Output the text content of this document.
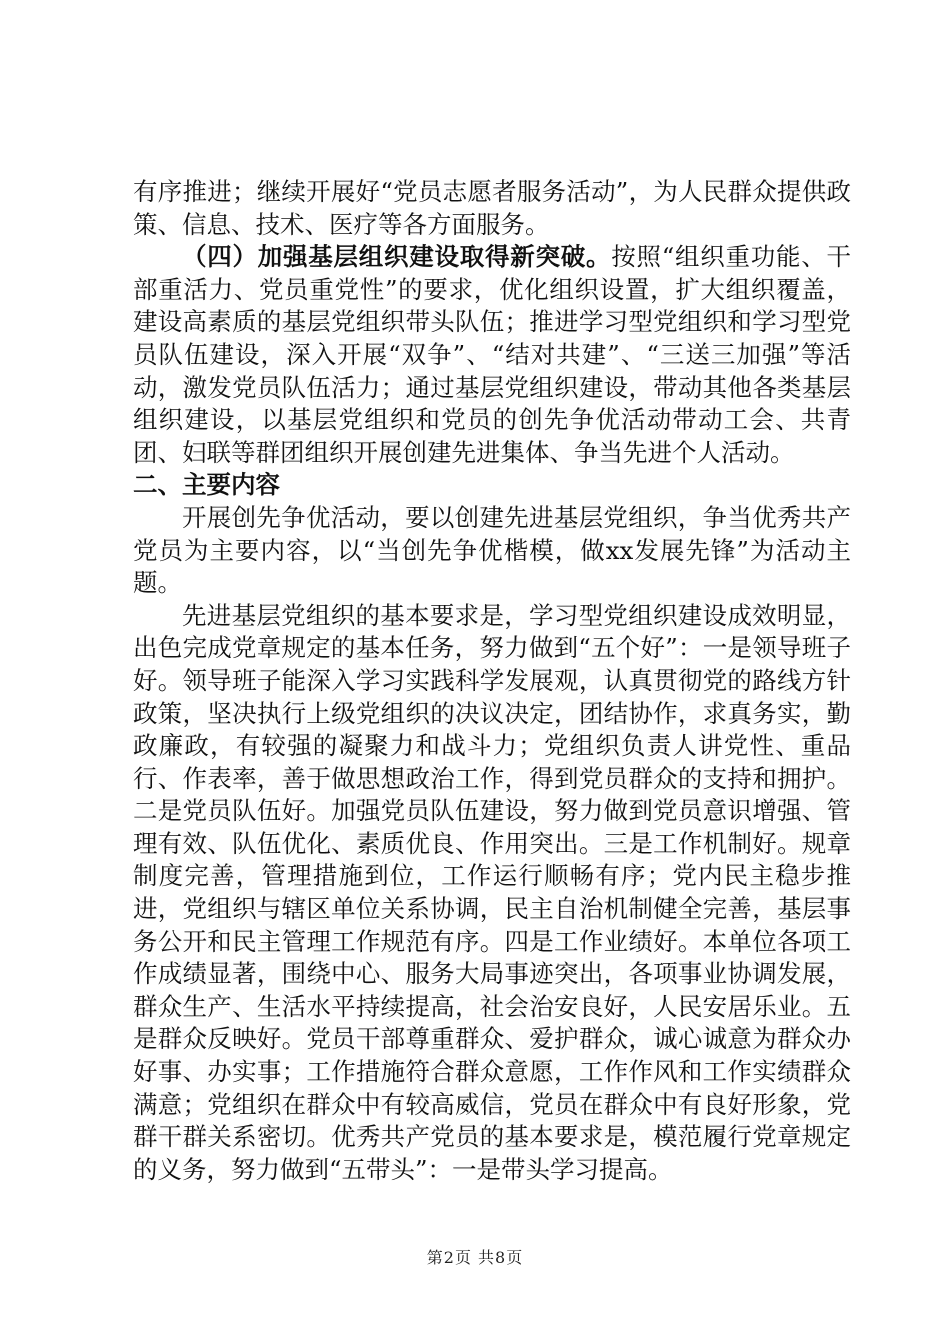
有序推进；继续开展好“党员志愿者服务活动”，为人民群众提供政策、信息、技术、医疗等各方面服务。

（四）加强基层组织建设取得新突破。按照“组织重功能、干部重活力、党员重党性”的要求，优化组织设置，扩大组织覆盖，建设高素质的基层党组织带头队伍；推进学习型党组织和学习型党员队伍建设，深入开展“双争”、“结对共建”、“三送三加强”等活动，激发党员队伍活力；通过基层党组织建设，带动其他各类基层组织建设，以基层党组织和党员的创先争优活动带动工会、共青团、妇联等群团组织开展创建先进集体、争当先进个人活动。

二、主要内容

开展创先争优活动，要以创建先进基层党组织，争当优秀共产党员为主要内容，以“当创先争优楷模，做xx发展先锋”为活动主题。

先进基层党组织的基本要求是，学习型党组织建设成效明显，出色完成党章规定的基本任务，努力做到“五个好”：一是领导班子好。领导班子能深入学习实践科学发展观，认真贯彻党的路线方针政策，坚决执行上级党组织的决议决定，团结协作，求真务实，勤政廉政，有较强的凝聚力和战斗力；党组织负责人讲党性、重品行、作表率，善于做思想政治工作，得到党员群众的支持和拥护。二是党员队伍好。加强党员队伍建设，努力做到党员意识增强、管理有效、队伍优化、素质优良、作用突出。三是工作机制好。规章制度完善，管理措施到位，工作运行顺畅有序；党内民主稳步推进，党组织与辖区单位关系协调，民主自治机制健全完善，基层事务公开和民主管理工作规范有序。四是工作业绩好。本单位各项工作成绩显著，围绕中心、服务大局事迹突出，各项事业协调发展，群众生产、生活水平持续提高，社会治安良好，人民安居乐业。五是群众反映好。党员干部尊重群众、爱护群众，诚心诚意为群众办好事、办实事；工作措施符合群众意愿，工作作风和工作实绩群众满意；党组织在群众中有较高威信，党员在群众中有良好形象，党群干群关系密切。优秀共产党员的基本要求是，模范履行党章规定的义务，努力做到“五带头”：一是带头学习提高。

第2页 共8页
